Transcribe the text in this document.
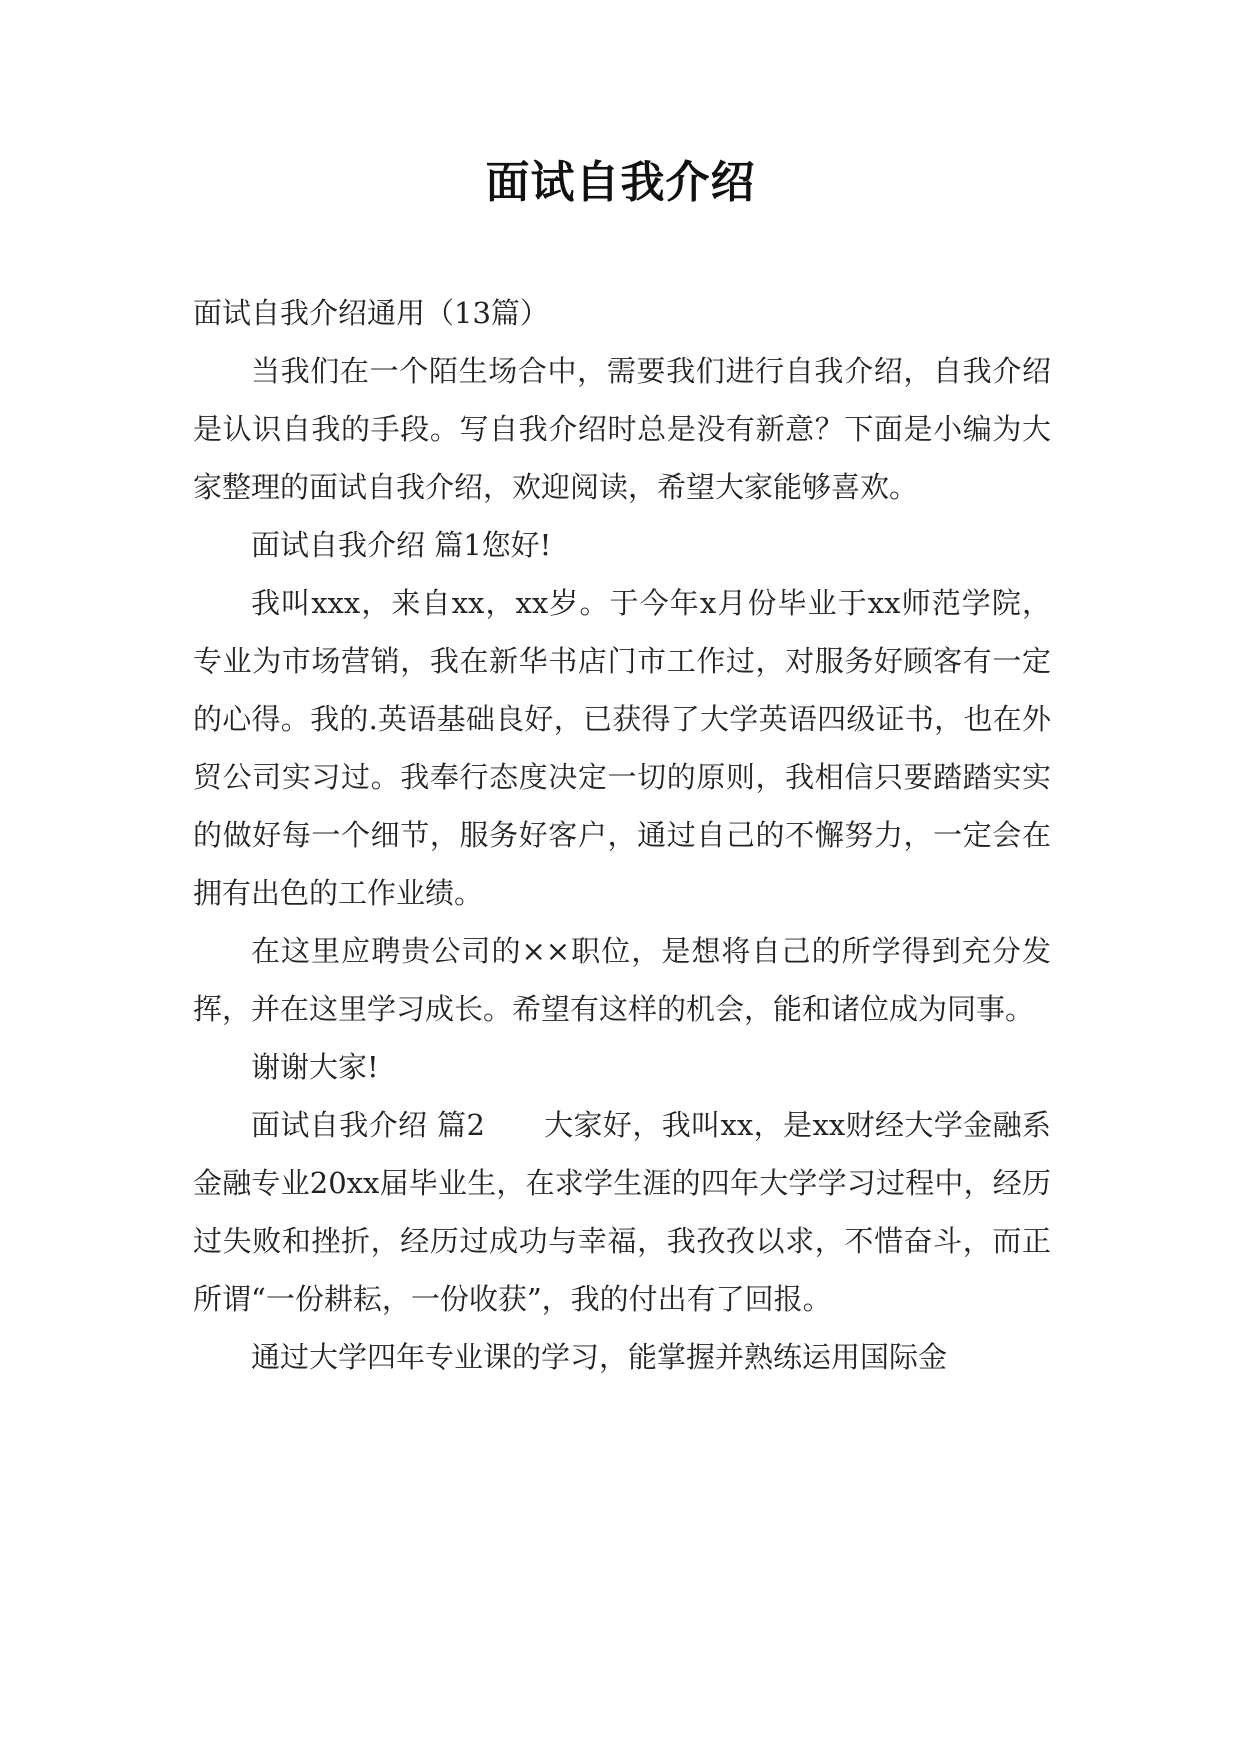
面试自我介绍

面试自我介绍通用（13篇）

当我们在一个陌生场合中，需要我们进行自我介绍，自我介绍是认识自我的手段。写自我介绍时总是没有新意？下面是小编为大家整理的面试自我介绍，欢迎阅读，希望大家能够喜欢。

面试自我介绍 篇1您好!

我叫xxx，来自xx，xx岁。于今年x月份毕业于xx师范学院，专业为市场营销，我在新华书店门市工作过，对服务好顾客有一定的心得。我的.英语基础良好，已获得了大学英语四级证书，也在外贸公司实习过。我奉行态度决定一切的原则，我相信只要踏踏实实的做好每一个细节，服务好客户，通过自己的不懈努力，一定会在拥有出色的工作业绩。

在这里应聘贵公司的××职位，是想将自己的所学得到充分发挥，并在这里学习成长。希望有这样的机会，能和诸位成为同事。

谢谢大家!

面试自我介绍 篇2　　大家好，我叫xx，是xx财经大学金融系金融专业20xx届毕业生，在求学生涯的四年大学学习过程中，经历过失败和挫折，经历过成功与幸福，我孜孜以求，不惜奋斗，而正所谓“一份耕耘，一份收获”，我的付出有了回报。

通过大学四年专业课的学习，能掌握并熟练运用国际金
